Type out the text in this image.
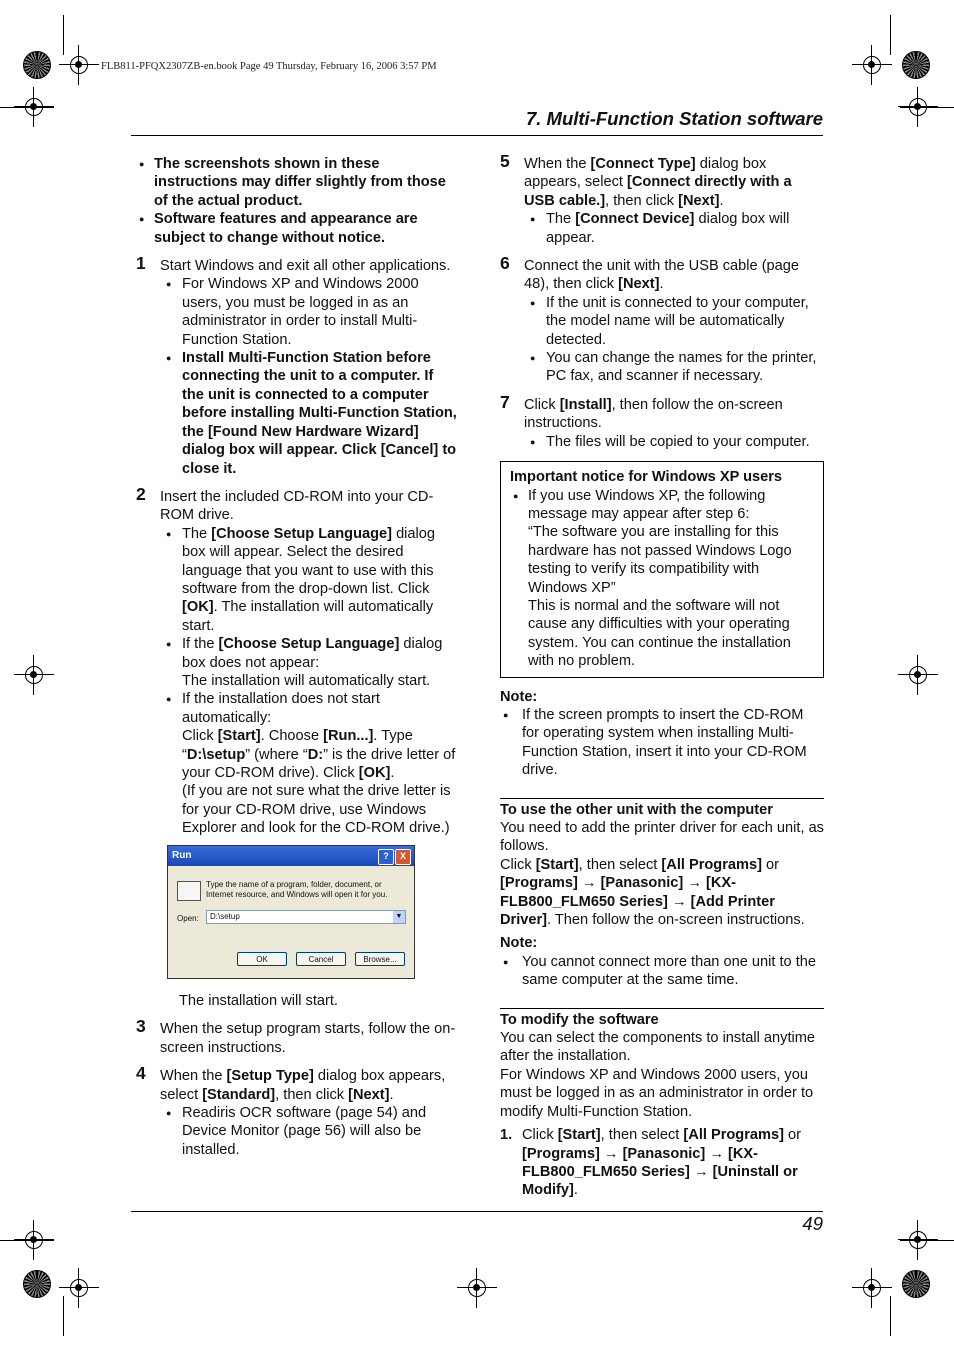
FLB811-PFQX2307ZB-en.book Page 49 Thursday, February 16, 2006 3:57 PM
7. Multi-Function Station software

● The screenshots shown in these instructions may differ slightly from those of the actual product.

● Software features and appearance are subject to change without notice.

1 Start Windows and exit all other applications.

● For Windows XP and Windows 2000 users, you must be logged in as an administrator in order to install Multi-Function Station.

● Install Multi-Function Station before connecting the unit to a computer. If the unit is connected to a computer before installing Multi-Function Station, the [Found New Hardware Wizard] dialog box will appear. Click [Cancel] to close it.

2 Insert the included CD-ROM into your CD-ROM drive.

● The [Choose Setup Language] dialog box will appear. Select the desired language that you want to use with this software from the drop-down list. Click [OK]. The installation will automatically start.

● If the [Choose Setup Language] dialog box does not appear:
The installation will automatically start.

● If the installation does not start automatically:
Click [Start]. Choose [Run...]. Type “D:\setup” (where “D:” is the drive letter of your CD-ROM drive). Click [OK].
(If you are not sure what the drive letter is for your CD-ROM drive, use Windows Explorer and look for the CD-ROM drive.)

Run	?	X
Type the name of a program, folder, document, or Internet resource, and Windows will open it for you.
Open:	D:\setup	▼
OK	Cancel	Browse...

The installation will start.

3 When the setup program starts, follow the on-screen instructions.

4 When the [Setup Type] dialog box appears, select [Standard], then click [Next].

● Readiris OCR software (page 54) and Device Monitor (page 56) will also be installed.

5 When the [Connect Type] dialog box appears, select [Connect directly with a USB cable.], then click [Next].

● The [Connect Device] dialog box will appear.

6 Connect the unit with the USB cable (page 48), then click [Next].

● If the unit is connected to your computer, the model name will be automatically detected.

● You can change the names for the printer, PC fax, and scanner if necessary.

7 Click [Install], then follow the on-screen instructions.

● The files will be copied to your computer.

Important notice for Windows XP users

● If you use Windows XP, the following message may appear after step 6:
“The software you are installing for this hardware has not passed Windows Logo testing to verify its compatibility with Windows XP”
This is normal and the software will not cause any difficulties with your operating system. You can continue the installation with no problem.

Note:

● If the screen prompts to insert the CD-ROM for operating system when installing Multi-Function Station, insert it into your CD-ROM drive.

To use the other unit with the computer

You need to add the printer driver for each unit, as follows.

Click [Start], then select [All Programs] or [Programs] → [Panasonic] → [KX-FLB800_FLM650 Series] → [Add Printer Driver]. Then follow the on-screen instructions.

Note:

● You cannot connect more than one unit to the same computer at the same time.

To modify the software

You can select the components to install anytime after the installation.

For Windows XP and Windows 2000 users, you must be logged in as an administrator in order to modify Multi-Function Station.

1. Click [Start], then select [All Programs] or [Programs] → [Panasonic] → [KX-FLB800_FLM650 Series] → [Uninstall or Modify].

49
